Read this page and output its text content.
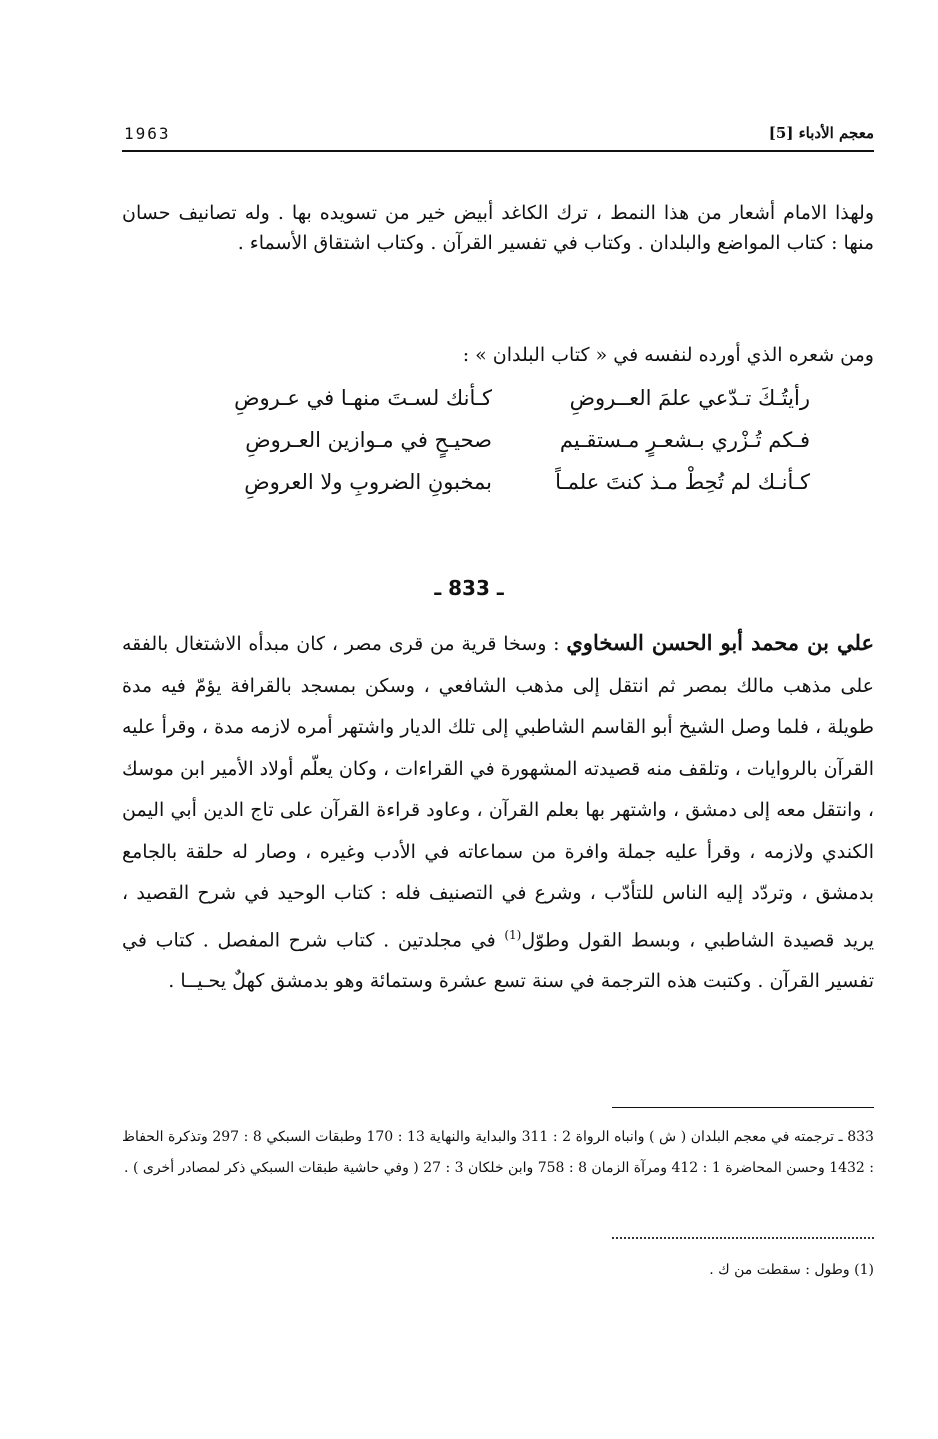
معجم الأدباء [5]
1963
ولهذا الامام أشعار من هذا النمط ، ترك الكاغد أبيض خير من تسويده بها . وله تصانيف حسان منها : كتاب المواضع والبلدان . وكتاب في تفسير القرآن . وكتاب اشتقاق الأسماء .
ومن شعره الذي أورده لنفسه في « كتاب البلدان » :
رأيتُـكَ تـدّعي علمَ العــروضِ
كـأنك لسـتَ منهـا في عـروضِ
فـكم تُـزْري بـشعـرٍ مـستقـيم
صحيـحٍ في مـوازين العـروضِ
كـأنـك لم تُحِطْ مـذ كنتَ علمـاً
بمخبونِ الضروبِ ولا العروضِ
ـ 833 ـ
علي بن محمد أبو الحسن السخاوي : وسخا قرية من قرى مصر ، كان مبدأه الاشتغال بالفقه على مذهب مالك بمصر ثم انتقل إلى مذهب الشافعي ، وسكن بمسجد بالقرافة يؤمّ فيه مدة طويلة ، فلما وصل الشيخ أبو القاسم الشاطبي إلى تلك الديار واشتهر أمره لازمه مدة ، وقرأ عليه القرآن بالروايات ، وتلقف منه قصيدته المشهورة في القراءات ، وكان يعلّم أولاد الأمير ابن موسك ، وانتقل معه إلى دمشق ، واشتهر بها بعلم القرآن ، وعاود قراءة القرآن على تاج الدين أبي اليمن الكندي ولازمه ، وقرأ عليه جملة وافرة من سماعاته في الأدب وغيره ، وصار له حلقة بالجامع بدمشق ، وتردّد إليه الناس للتأدّب ، وشرع في التصنيف فله : كتاب الوحيد في شرح القصيد ، يريد قصيدة الشاطبي ، وبسط القول وطوّل$^{(1)}$ في مجلدتين . كتاب شرح المفصل . كتاب في تفسير القرآن . وكتبت هذه الترجمة في سنة تسع عشرة وستمائة وهو بدمشق كهلٌ يحـيــا .
833 ـ ترجمته في معجم البلدان ( ش ) وانباه الرواة 2 : 311 والبداية والنهاية 13 : 170 وطبقات السبكي 8 : 297 وتذكرة الحفاظ : 1432 وحسن المحاضرة 1 : 412 ومرآة الزمان 8 : 758 وابن خلكان 3 : 27 ( وفي حاشية طبقات السبكي ذكر لمصادر أخرى ) .
(1) وطول : سقطت من ك .
